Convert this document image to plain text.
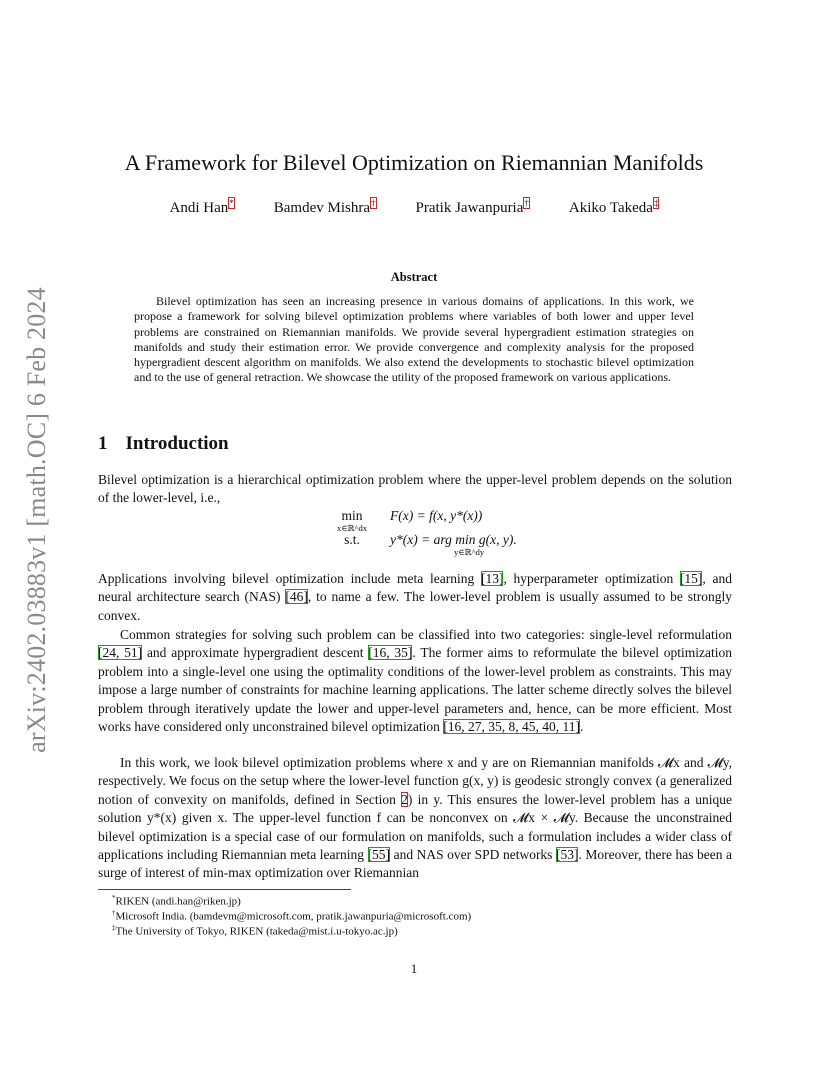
arXiv:2402.03883v1 [math.OC] 6 Feb 2024
A Framework for Bilevel Optimization on Riemannian Manifolds
Andi Han*	Bamdev Mishra†	Pratik Jawanpuria†	Akiko Takeda‡
Abstract

Bilevel optimization has seen an increasing presence in various domains of applications. In this work, we propose a framework for solving bilevel optimization problems where variables of both lower and upper level problems are constrained on Riemannian manifolds. We provide several hypergradient estimation strategies on manifolds and study their estimation error. We provide convergence and complexity analysis for the proposed hypergradient descent algorithm on manifolds. We also extend the developments to stochastic bilevel optimization and to the use of general retraction. We showcase the utility of the proposed framework on various applications.

1 Introduction

Bilevel optimization is a hierarchical optimization problem where the upper-level problem depends on the solution of the lower-level, i.e.,

min
x∈ℝ^dx
F(x) = f(x, y*(x))
s.t. y*(x) = arg min g(x, y).
y∈ℝ^dy

Applications involving bilevel optimization include meta learning [13], hyperparameter optimization [15], and neural architecture search (NAS) [46], to name a few. The lower-level problem is usually assumed to be strongly convex.

Common strategies for solving such problem can be classified into two categories: single-level reformulation [24, 51] and approximate hypergradient descent [16, 35]. The former aims to reformulate the bilevel optimization problem into a single-level one using the optimality conditions of the lower-level problem as constraints. This may impose a large number of constraints for machine learning applications. The latter scheme directly solves the bilevel problem through iteratively update the lower and upper-level parameters and, hence, can be more efficient. Most works have considered only unconstrained bilevel optimization [16, 27, 35, 8, 45, 40, 11].

In this work, we look bilevel optimization problems where x and y are on Riemannian manifolds 𝓜x and 𝓜y, respectively. We focus on the setup where the lower-level function g(x, y) is geodesic strongly convex (a generalized notion of convexity on manifolds, defined in Section 2) in y. This ensures the lower-level problem has a unique solution y*(x) given x. The upper-level function f can be nonconvex on 𝓜x × 𝓜y. Because the unconstrained bilevel optimization is a special case of our formulation on manifolds, such a formulation includes a wider class of applications including Riemannian meta learning [55] and NAS over SPD networks [53]. Moreover, there has been a surge of interest of min-max optimization over Riemannian

*RIKEN (andi.han@riken.jp)
†Microsoft India. (bamdevm@microsoft.com, pratik.jawanpuria@microsoft.com)
‡The University of Tokyo, RIKEN (takeda@mist.i.u-tokyo.ac.jp)
1
